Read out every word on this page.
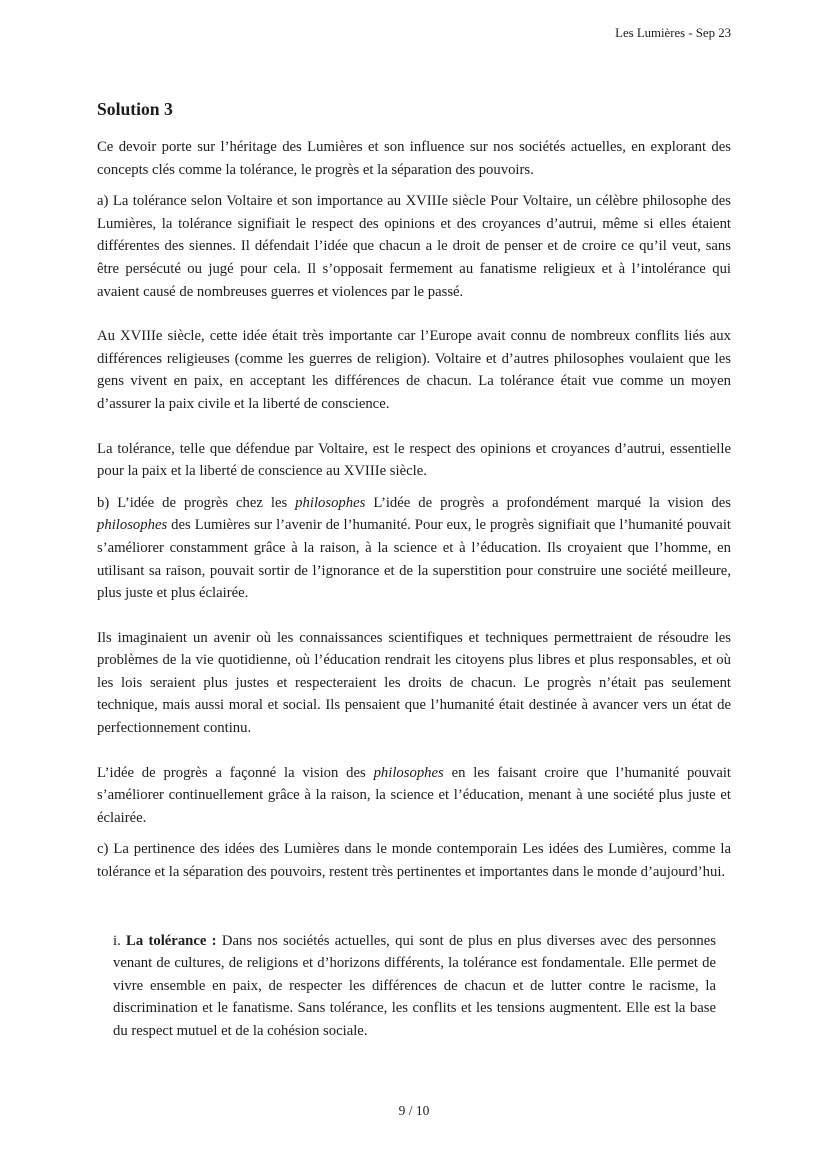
Les Lumières - Sep 23
Solution 3

Ce devoir porte sur l’héritage des Lumières et son influence sur nos sociétés actuelles, en explorant des concepts clés comme la tolérance, le progrès et la séparation des pouvoirs.

a) La tolérance selon Voltaire et son importance au XVIIIe siècle Pour Voltaire, un célèbre philosophe des Lumières, la tolérance signifiait le respect des opinions et des croyances d’autrui, même si elles étaient différentes des siennes. Il défendait l’idée que chacun a le droit de penser et de croire ce qu’il veut, sans être persécuté ou jugé pour cela. Il s’opposait fermement au fanatisme religieux et à l’intolérance qui avaient causé de nombreuses guerres et violences par le passé.

Au XVIIIe siècle, cette idée était très importante car l’Europe avait connu de nombreux conflits liés aux différences religieuses (comme les guerres de religion). Voltaire et d’autres philosophes voulaient que les gens vivent en paix, en acceptant les différences de chacun. La tolérance était vue comme un moyen d’assurer la paix civile et la liberté de conscience.

La tolérance, telle que défendue par Voltaire, est le respect des opinions et croyances d’autrui, essentielle pour la paix et la liberté de conscience au XVIIIe siècle.

b) L’idée de progrès chez les philosophes L’idée de progrès a profondément marqué la vision des philosophes des Lumières sur l’avenir de l’humanité. Pour eux, le progrès signifiait que l’humanité pouvait s’améliorer constamment grâce à la raison, à la science et à l’éducation. Ils croyaient que l’homme, en utilisant sa raison, pouvait sortir de l’ignorance et de la superstition pour construire une société meilleure, plus juste et plus éclairée.

Ils imaginaient un avenir où les connaissances scientifiques et techniques permettraient de résoudre les problèmes de la vie quotidienne, où l’éducation rendrait les citoyens plus libres et plus responsables, et où les lois seraient plus justes et respecteraient les droits de chacun. Le progrès n’était pas seulement technique, mais aussi moral et social. Ils pensaient que l’humanité était destinée à avancer vers un état de perfectionnement continu.

L’idée de progrès a façonné la vision des philosophes en les faisant croire que l’humanité pouvait s’améliorer continuellement grâce à la raison, la science et l’éducation, menant à une société plus juste et éclairée.

c) La pertinence des idées des Lumières dans le monde contemporain Les idées des Lumières, comme la tolérance et la séparation des pouvoirs, restent très pertinentes et importantes dans le monde d’aujourd’hui.

i. La tolérance : Dans nos sociétés actuelles, qui sont de plus en plus diverses avec des personnes venant de cultures, de religions et d’horizons différents, la tolérance est fondamentale. Elle permet de vivre ensemble en paix, de respecter les différences de chacun et de lutter contre le racisme, la discrimination et le fanatisme. Sans tolérance, les conflits et les tensions augmentent. Elle est la base du respect mutuel et de la cohésion sociale.

9 / 10
